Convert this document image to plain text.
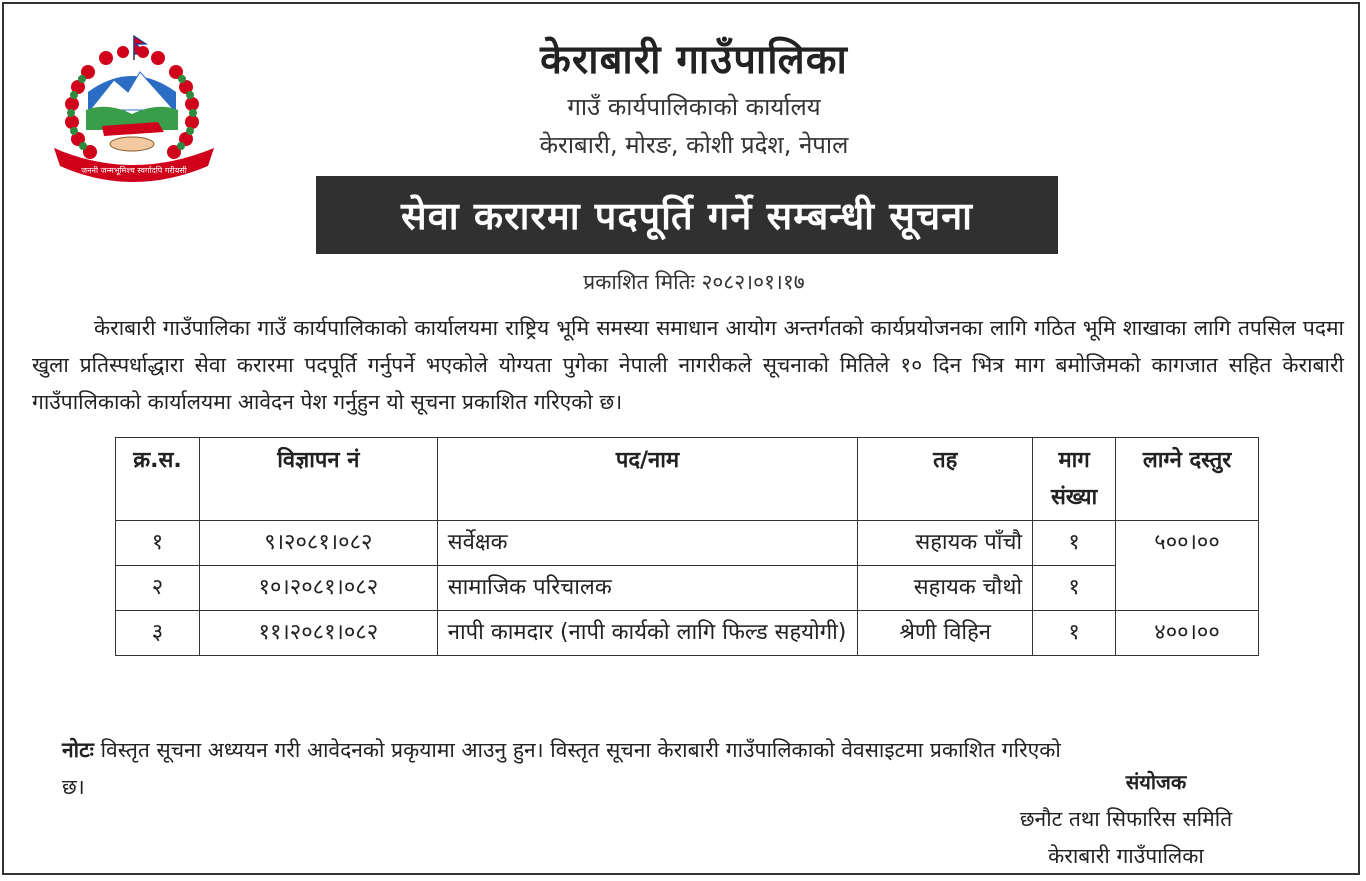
जननी जन्मभूमिश्च स्वर्गादपि गरीयसी
केराबारी गाउँपालिका
गाउँ कार्यपालिकाको कार्यालय
केराबारी, मोरङ, कोशी प्रदेश, नेपाल
सेवा करारमा पदपूर्ति गर्ने सम्बन्धी सूचना
प्रकाशित मितिः २०८२।०१।१७
केराबारी गाउँपालिका गाउँ कार्यपालिकाको कार्यालयमा राष्ट्रिय भूमि समस्या समाधान आयोग अन्तर्गतको कार्यप्रयोजनका लागि गठित भूमि शाखाका लागि तपसिल पदमा खुला प्रतिस्पर्धाद्धारा सेवा करारमा पदपूर्ति गर्नुपर्ने भएकोले योग्यता पुगेका नेपाली नागरीकले सूचनाको मितिले १० दिन भित्र माग बमोजिमको कागजात सहित केराबारी गाउँपालिकाको कार्यालयमा आवेदन पेश गर्नुहुन यो सूचना प्रकाशित गरिएको छ।
क्र.स.	विज्ञापन नं	पद/नाम	तह	माग संख्या	लाग्ने दस्तुर
१	९।२०८१।०८२	सर्वेक्षक	सहायक पाँचौ	१	५००।००
२	१०।२०८१।०८२	सामाजिक परिचालक	सहायक चौथो	१	
३	११।२०८१।०८२	नापी कामदार (नापी कार्यको लागि फिल्ड सहयोगी)	श्रेणी विहिन	१	४००।००
नोटः विस्तृत सूचना अध्ययन गरी आवेदनको प्रकृयामा आउनु हुन। विस्तृत सूचना केराबारी गाउँपालिकाको वेवसाइटमा प्रकाशित गरिएको छ।	संयोजक
छनौट तथा सिफारिस समिति
केराबारी गाउँपालिका
